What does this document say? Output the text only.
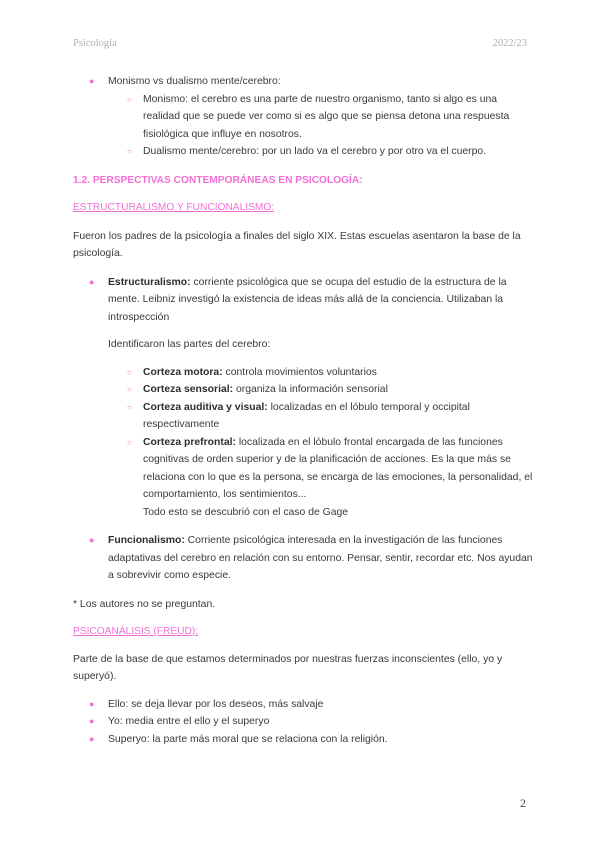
Psicología	2022/23

● Monismo vs dualismo mente/cerebro:

○ Monismo: el cerebro es una parte de nuestro organismo, tanto si algo es una realidad que se puede ver como si es algo que se piensa detona una respuesta fisiológica que influye en nosotros.

○ Dualismo mente/cerebro: por un lado va el cerebro y por otro va el cuerpo.

1.2. PERSPECTIVAS CONTEMPORÁNEAS EN PSICOLOGÍA:

ESTRUCTURALISMO Y FUNCIONALISMO:

Fueron los padres de la psicología a finales del siglo XIX. Estas escuelas asentaron la base de la psicología.

● Estructuralismo: corriente psicológica que se ocupa del estudio de la estructura de la mente. Leibniz investigó la existencia de ideas más allá de la conciencia. Utilizaban la introspección

Identificaron las partes del cerebro:

○ Corteza motora: controla movimientos voluntarios

○ Corteza sensorial: organiza la información sensorial

○ Corteza auditiva y visual: localizadas en el lóbulo temporal y occipital respectivamente

○ Corteza prefrontal: localizada en el lóbulo frontal encargada de las funciones cognitivas de orden superior y de la planificación de acciones. Es la que más se relaciona con lo que es la persona, se encarga de las emociones, la personalidad, el comportamiento, los sentimientos...

Todo esto se descubrió con el caso de Gage

● Funcionalismo: Corriente psicológica interesada en la investigación de las funciones adaptativas del cerebro en relación con su entorno. Pensar, sentir, recordar etc. Nos ayudan a sobrevivir como especie.

* Los autores no se preguntan.

PSICOANÁLISIS (FREUD):

Parte de la base de que estamos determinados por nuestras fuerzas inconscientes (ello, yo y superyó).

● Ello: se deja llevar por los deseos, más salvaje

● Yo: media entre el ello y el superyo

● Superyo: la parte más moral que se relaciona con la religión.

2
